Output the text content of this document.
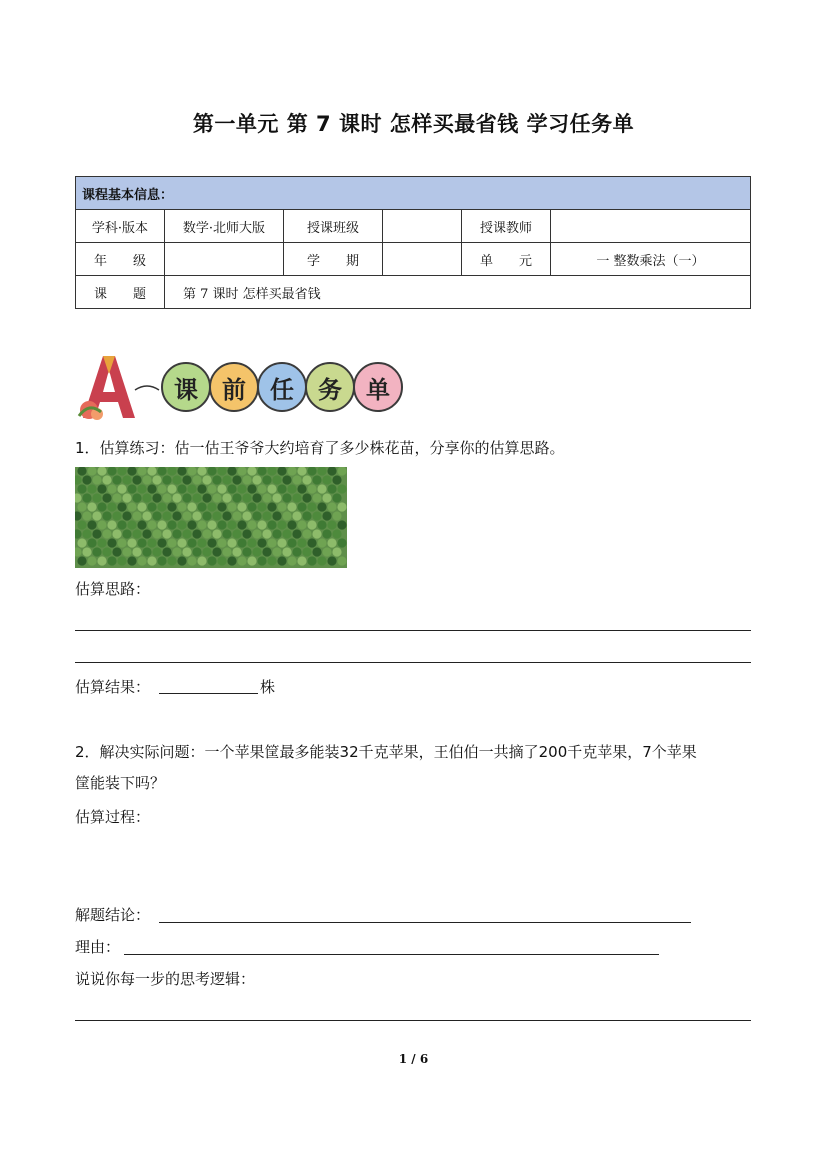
第一单元 第 7 课时 怎样买最省钱 学习任务单
课程基本信息：					
学科·版本	数学·北师大版	授课班级		授课教师	
年　　级		学　　期		单　　元	一 整数乘法（一）
课　　题	第 7 课时 怎样买最省钱				
课 前 任 务 单
1．估算练习：估一估王爷爷大约培育了多少株花苗，分享你的估算思路。
估算思路：
估算结果：	株
2．解决实际问题：一个苹果筐最多能装32千克苹果，王伯伯一共摘了200千克苹果，7个苹果
筐能装下吗？
估算过程：
解题结论：
理由：
说说你每一步的思考逻辑：
1 / 6
